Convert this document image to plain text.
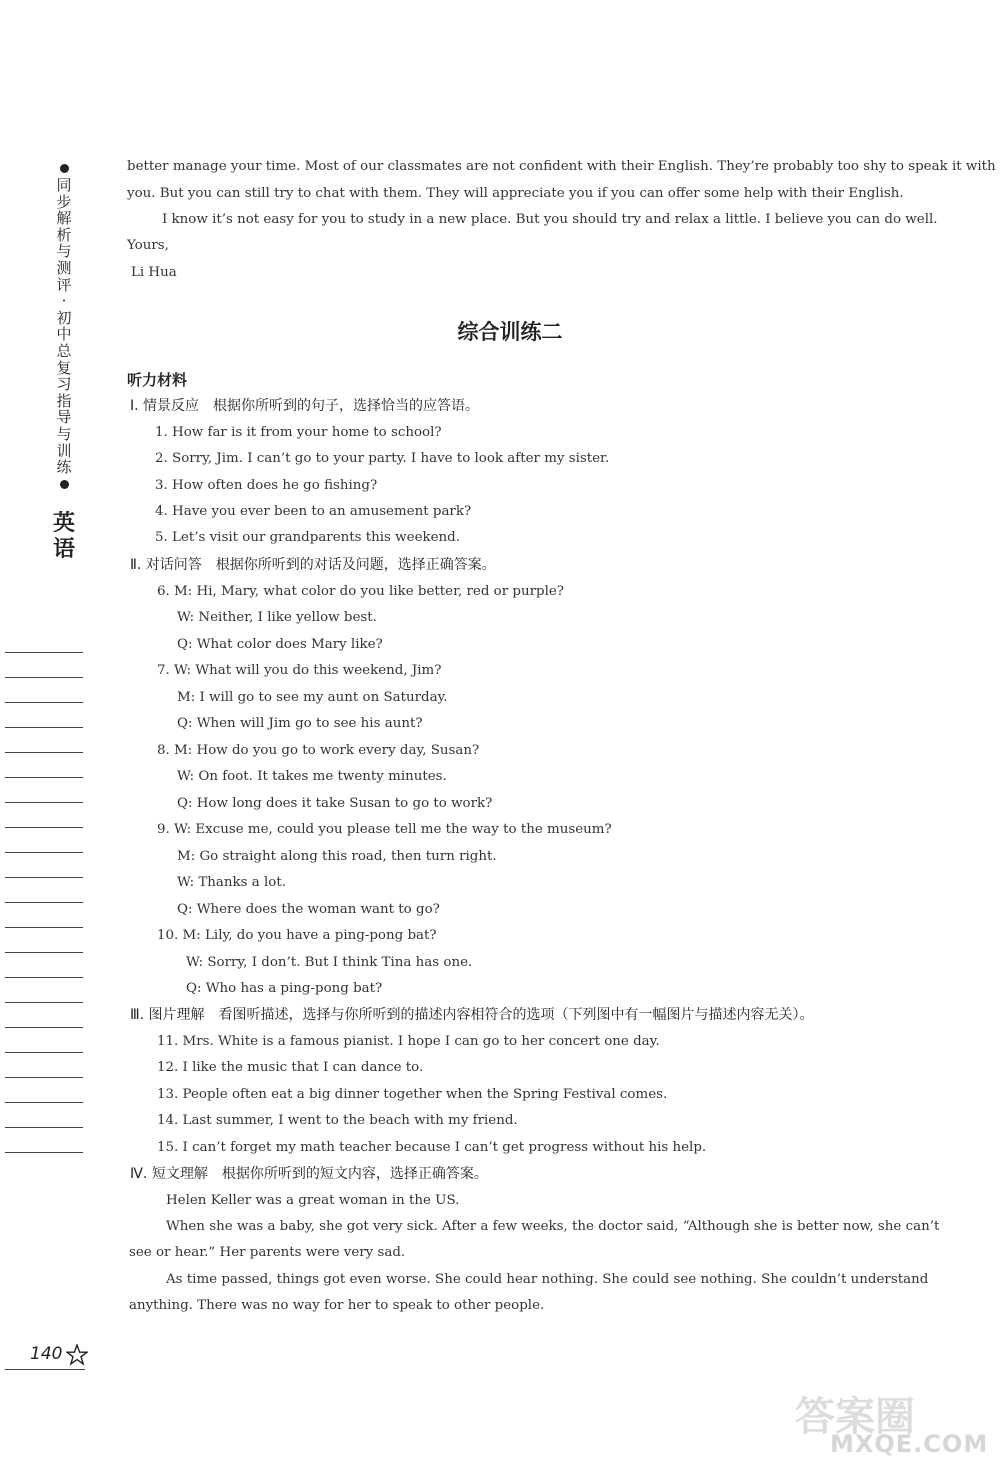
同
步
解
析
与
测
评
·
初
中
总
复
习
指
导
与
训
练
英
语
better manage your time. Most of our classmates are not confident with their English. They’re probably too shy to speak it with
you. But you can still try to chat with them. They will appreciate you if you can offer some help with their English.
I know it’s not easy for you to study in a new place. But you should try and relax a little. I believe you can do well.
Yours,
Li Hua
综合训练二
听力材料
Ⅰ. 情景反应　根据你所听到的句子，选择恰当的应答语。
1. How far is it from your home to school?
2. Sorry, Jim. I can’t go to your party. I have to look after my sister.
3. How often does he go fishing?
4. Have you ever been to an amusement park?
5. Let’s visit our grandparents this weekend.
Ⅱ. 对话问答　根据你所听到的对话及问题，选择正确答案。
6. M: Hi, Mary, what color do you like better, red or purple?
W: Neither, I like yellow best.
Q: What color does Mary like?
7. W: What will you do this weekend, Jim?
M: I will go to see my aunt on Saturday.
Q: When will Jim go to see his aunt?
8. M: How do you go to work every day, Susan?
W: On foot. It takes me twenty minutes.
Q: How long does it take Susan to go to work?
9. W: Excuse me, could you please tell me the way to the museum?
M: Go straight along this road, then turn right.
W: Thanks a lot.
Q: Where does the woman want to go?
10. M: Lily, do you have a ping-pong bat?
W: Sorry, I don’t. But I think Tina has one.
Q: Who has a ping-pong bat?
Ⅲ. 图片理解　看图听描述，选择与你所听到的描述内容相符合的选项（下列图中有一幅图片与描述内容无关）。
11. Mrs. White is a famous pianist. I hope I can go to her concert one day.
12. I like the music that I can dance to.
13. People often eat a big dinner together when the Spring Festival comes.
14. Last summer, I went to the beach with my friend.
15. I can’t forget my math teacher because I can’t get progress without his help.
Ⅳ. 短文理解　根据你所听到的短文内容，选择正确答案。
Helen Keller was a great woman in the US.
When she was a baby, she got very sick. After a few weeks, the doctor said, “Although she is better now, she can’t
see or hear.” Her parents were very sad.
As time passed, things got even worse. She could hear nothing. She could see nothing. She couldn’t understand
anything. There was no way for her to speak to other people.
140
答案圈
MXQE.COM
